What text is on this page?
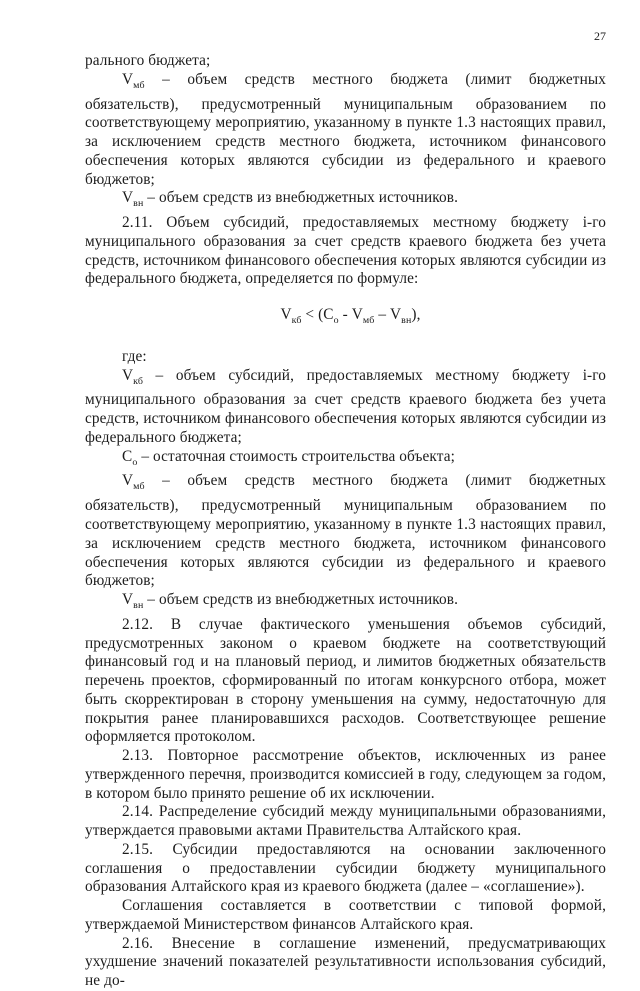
27

рального бюджета;

$V_{мб}$ – объем средств местного бюджета (лимит бюджетных обязательств), предусмотренный муниципальным образованием по соответствующему мероприятию, указанному в пункте 1.3 настоящих правил, за исключением средств местного бюджета, источником финансового обеспечения которых являются субсидии из федерального и краевого бюджетов;

$V_{вн}$ – объем средств из внебюджетных источников.

2.11. Объем субсидий, предоставляемых местному бюджету i-го муниципального образования за счет средств краевого бюджета без учета средств, источником финансового обеспечения которых являются субсидии из федерального бюджета, определяется по формуле:

$V_{кб} < (C_о - V_{мб} - V_{вн})$,

где:

$V_{кб}$ – объем субсидий, предоставляемых местному бюджету i-го муниципального образования за счет средств краевого бюджета без учета средств, источником финансового обеспечения которых являются субсидии из федерального бюджета;

$C_о$ – остаточная стоимость строительства объекта;

$V_{мб}$ – объем средств местного бюджета (лимит бюджетных обязательств), предусмотренный муниципальным образованием по соответствующему мероприятию, указанному в пункте 1.3 настоящих правил, за исключением средств местного бюджета, источником финансового обеспечения которых являются субсидии из федерального и краевого бюджетов;

$V_{вн}$ – объем средств из внебюджетных источников.

2.12. В случае фактического уменьшения объемов субсидий, предусмотренных законом о краевом бюджете на соответствующий финансовый год и на плановый период, и лимитов бюджетных обязательств перечень проектов, сформированный по итогам конкурсного отбора, может быть скорректирован в сторону уменьшения на сумму, недостаточную для покрытия ранее планировавшихся расходов. Соответствующее решение оформляется протоколом.

2.13. Повторное рассмотрение объектов, исключенных из ранее утвержденного перечня, производится комиссией в году, следующем за годом, в котором было принято решение об их исключении.

2.14. Распределение субсидий между муниципальными образованиями, утверждается правовыми актами Правительства Алтайского края.

2.15. Субсидии предоставляются на основании заключенного соглашения о предоставлении субсидии бюджету муниципального образования Алтайского края из краевого бюджета (далее – «соглашение»).

Соглашения составляется в соответствии с типовой формой, утверждаемой Министерством финансов Алтайского края.

2.16. Внесение в соглашение изменений, предусматривающих ухудшение значений показателей результативности использования субсидий, не до-
